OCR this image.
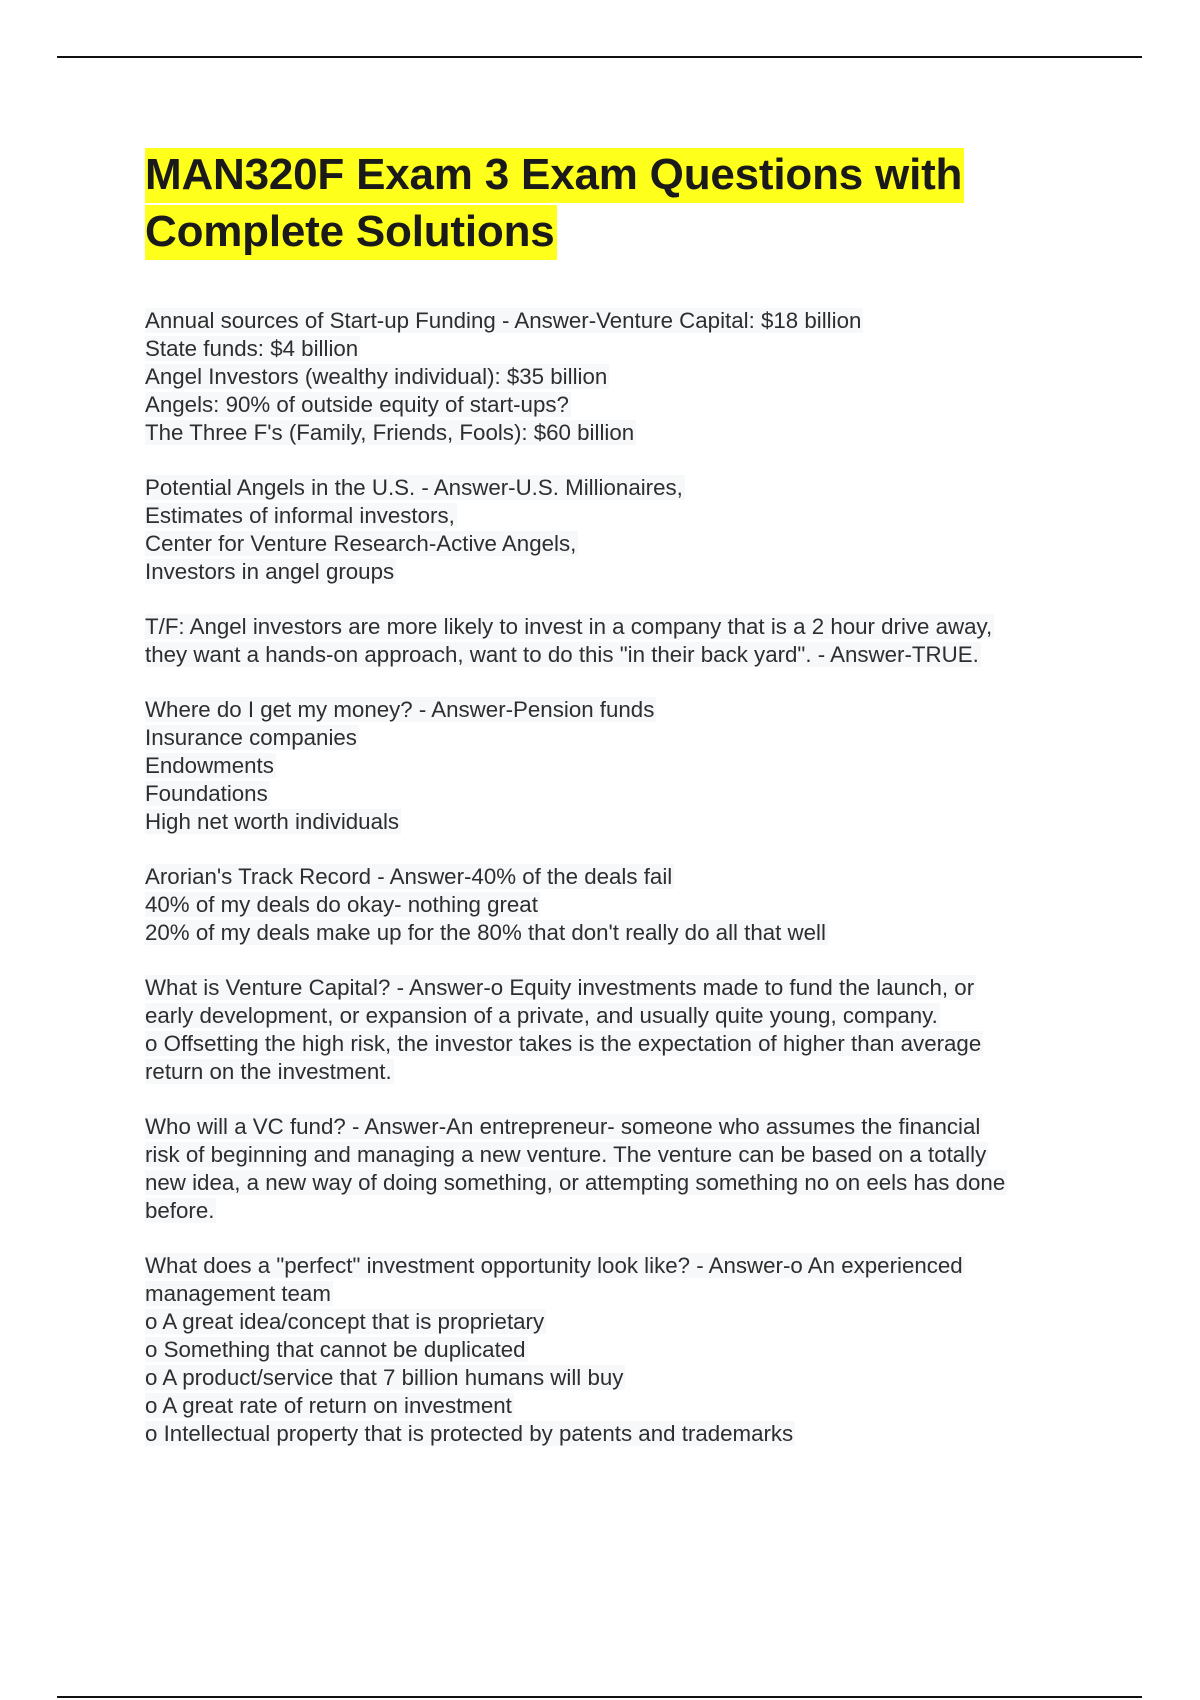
MAN320F Exam 3 Exam Questions with
Complete Solutions
Annual sources of Start-up Funding - Answer-Venture Capital: $18 billion
State funds: $4 billion
Angel Investors (wealthy individual): $35 billion
Angels: 90% of outside equity of start-ups?
The Three F's (Family, Friends, Fools): $60 billion
Potential Angels in the U.S. - Answer-U.S. Millionaires,
Estimates of informal investors,
Center for Venture Research-Active Angels,
Investors in angel groups
T/F: Angel investors are more likely to invest in a company that is a 2 hour drive away,
they want a hands-on approach, want to do this "in their back yard". - Answer-TRUE.
Where do I get my money? - Answer-Pension funds
Insurance companies
Endowments
Foundations
High net worth individuals
Arorian's Track Record - Answer-40% of the deals fail
40% of my deals do okay- nothing great
20% of my deals make up for the 80% that don't really do all that well
What is Venture Capital? - Answer-o Equity investments made to fund the launch, or
early development, or expansion of a private, and usually quite young, company.
o Offsetting the high risk, the investor takes is the expectation of higher than average
return on the investment.
Who will a VC fund? - Answer-An entrepreneur- someone who assumes the financial
risk of beginning and managing a new venture. The venture can be based on a totally
new idea, a new way of doing something, or attempting something no on eels has done
before.
What does a "perfect" investment opportunity look like? - Answer-o An experienced
management team
o A great idea/concept that is proprietary
o Something that cannot be duplicated
o A product/service that 7 billion humans will buy
o A great rate of return on investment
o Intellectual property that is protected by patents and trademarks
